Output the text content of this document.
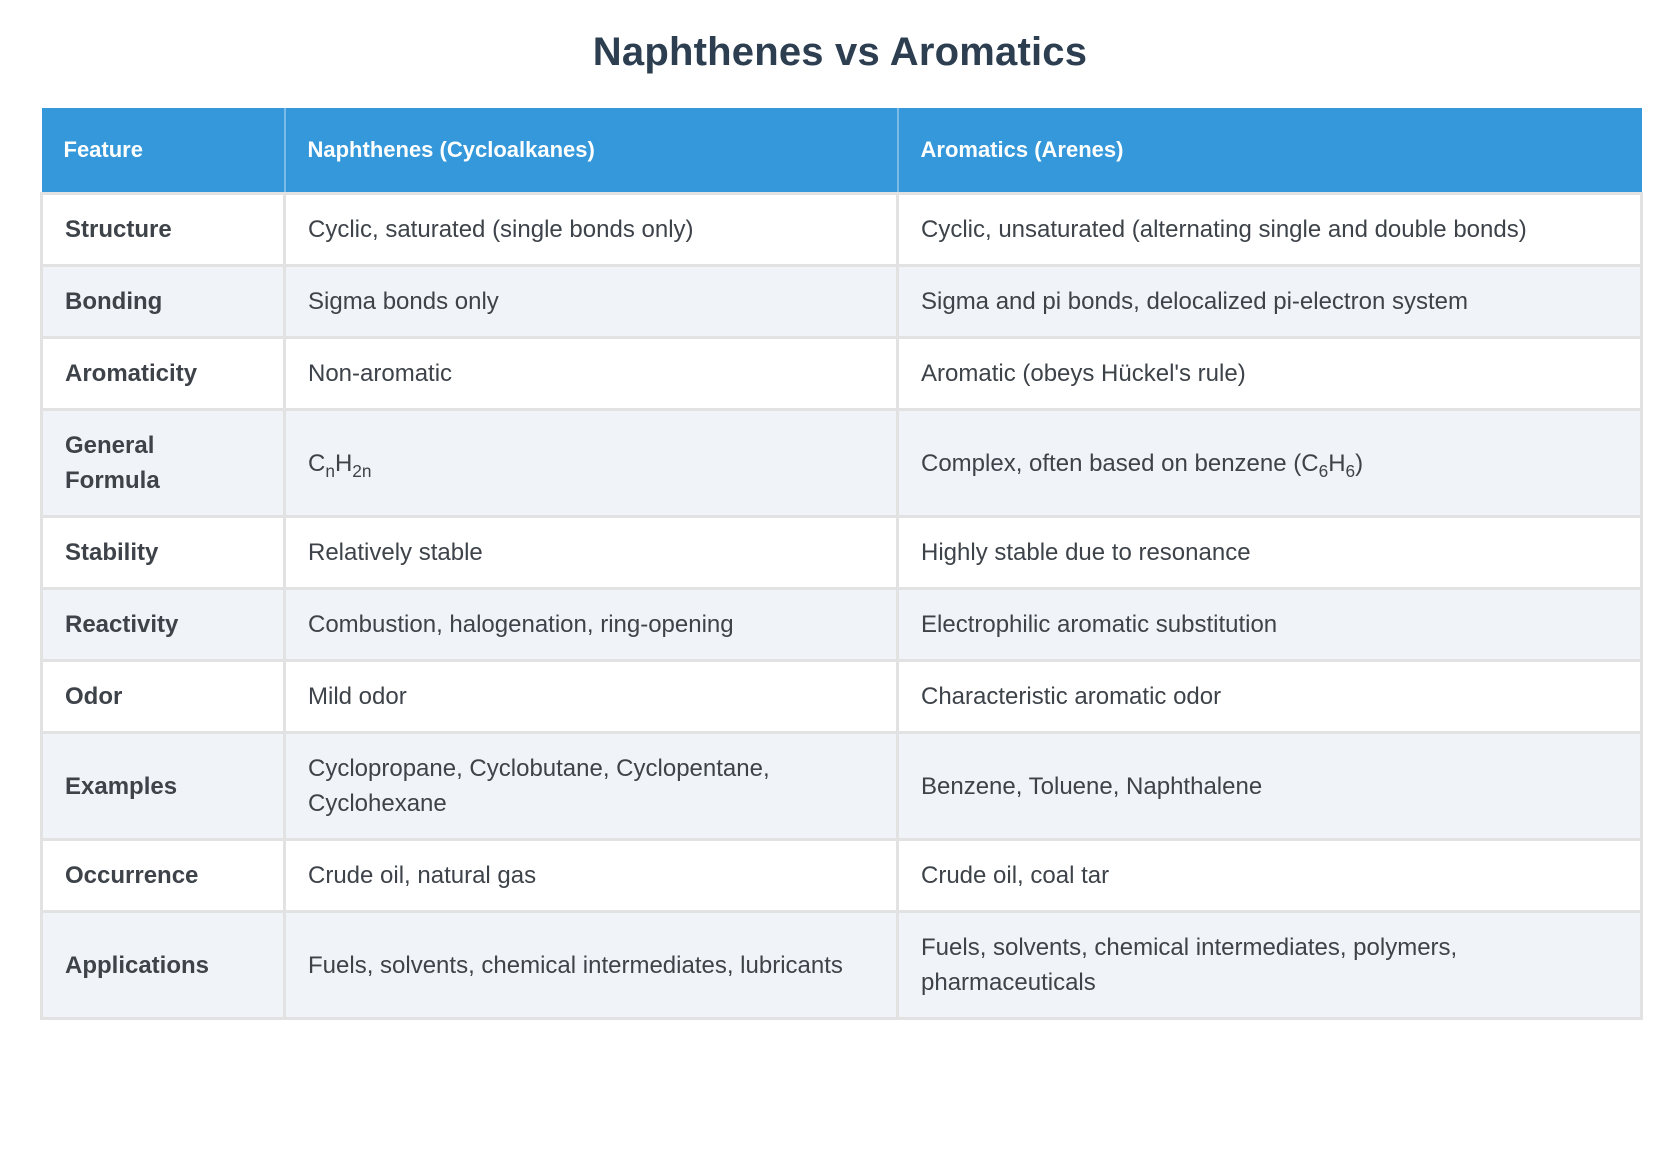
Naphthenes vs Aromatics
Feature	Naphthenes (Cycloalkanes)	Aromatics (Arenes)
Structure	Cyclic, saturated (single bonds only)	Cyclic, unsaturated (alternating single and double bonds)
Bonding	Sigma bonds only	Sigma and pi bonds, delocalized pi-electron system
Aromaticity	Non-aromatic	Aromatic (obeys Hückel's rule)
General Formula	$C_nH_{2n}$	Complex, often based on benzene $(C_6H_6)$
Stability	Relatively stable	Highly stable due to resonance
Reactivity	Combustion, halogenation, ring-opening	Electrophilic aromatic substitution
Odor	Mild odor	Characteristic aromatic odor
Examples	Cyclopropane, Cyclobutane, Cyclopentane, Cyclohexane	Benzene, Toluene, Naphthalene
Occurrence	Crude oil, natural gas	Crude oil, coal tar
Applications	Fuels, solvents, chemical intermediates, lubricants	Fuels, solvents, chemical intermediates, polymers, pharmaceuticals
